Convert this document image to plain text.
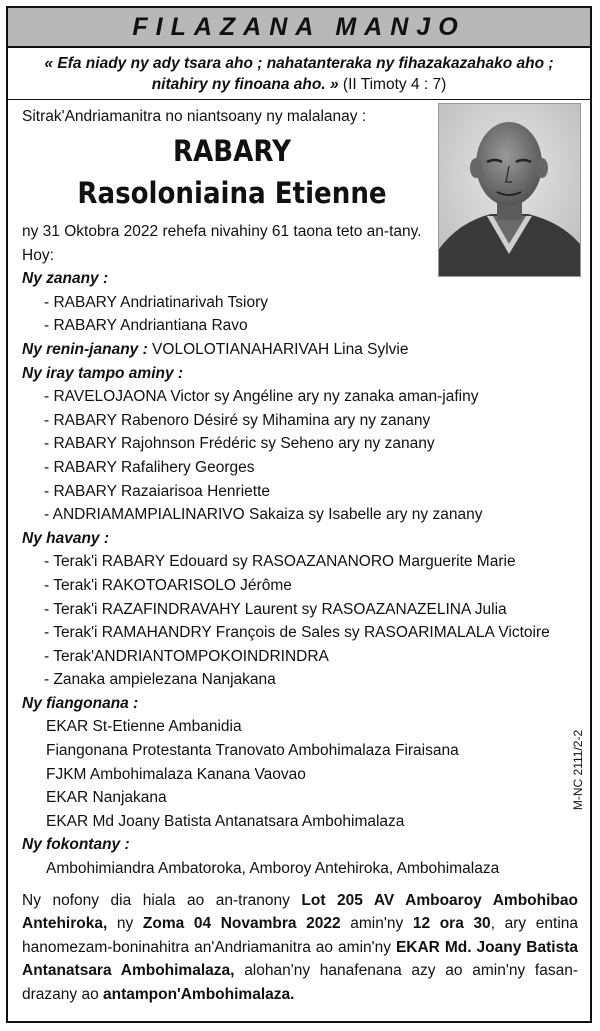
FILAZANA MANJO
« Efa niady ny ady tsara aho ; nahatanteraka ny fihazakazahako aho ; nitahiry ny finoana aho. » (II Timoty 4 : 7)
Sitrak'Andriamanitra no niantsoany ny malalanay :
RABARY
Rasoloniaina Etienne
ny 31 Oktobra 2022 rehefa nivahiny 61 taona teto an-tany.
Hoy:
Ny zanany :
- RABARY Andriatinarivah Tsiory
- RABARY Andriantiana Ravo
Ny renin-janany : VOLOLOTIANAHARIVAH Lina Sylvie
Ny iray tampo aminy :
- RAVELOJAONA Victor sy Angéline ary ny zanaka aman-jafiny
- RABARY Rabenoro Désiré sy Mihamina ary ny zanany
- RABARY Rajohnson Frédéric sy Seheno ary ny zanany
- RABARY Rafalihery Georges
- RABARY Razaiarisoa Henriette
- ANDRIAMAMPIALINARIVO Sakaiza sy Isabelle ary ny zanany
Ny havany :
- Terak'i RABARY Edouard sy RASOAZANANORO Marguerite Marie
- Terak'i RAKOTOARISOLO Jérôme
- Terak'i RAZAFINDRAVAHY Laurent sy RASOAZANAZELINA Julia
- Terak'i RAMAHANDRY François de Sales sy RASOARIMALALA Victoire
- Terak'ANDRIANTOMPOKOINDRINDRA
- Zanaka ampielezana Nanjakana
Ny fiangonana :
EKAR St-Etienne Ambanidia
Fiangonana Protestanta Tranovato Ambohimalaza Firaisana
FJKM Ambohimalaza Kanana Vaovao
EKAR Nanjakana
EKAR Md Joany Batista Antanatsara Ambohimalaza
Ny fokontany :
Ambohimiandra Ambatoroka, Amboroy Antehiroka, Ambohimalaza
Ny nofony dia hiala ao an-tranony Lot 205 AV Amboaroy Ambohibao Antehiroka, ny Zoma 04 Novambra 2022 amin'ny 12 ora 30, ary entina hanomezam-boninahitra an'Andriamanitra ao amin'ny EKAR Md. Joany Batista Antanatsara Ambohimalaza, alohan'ny hanafenana azy ao amin'ny fasan-drazany ao antampon'Ambohimalaza.
M-NC 2111/2-2
